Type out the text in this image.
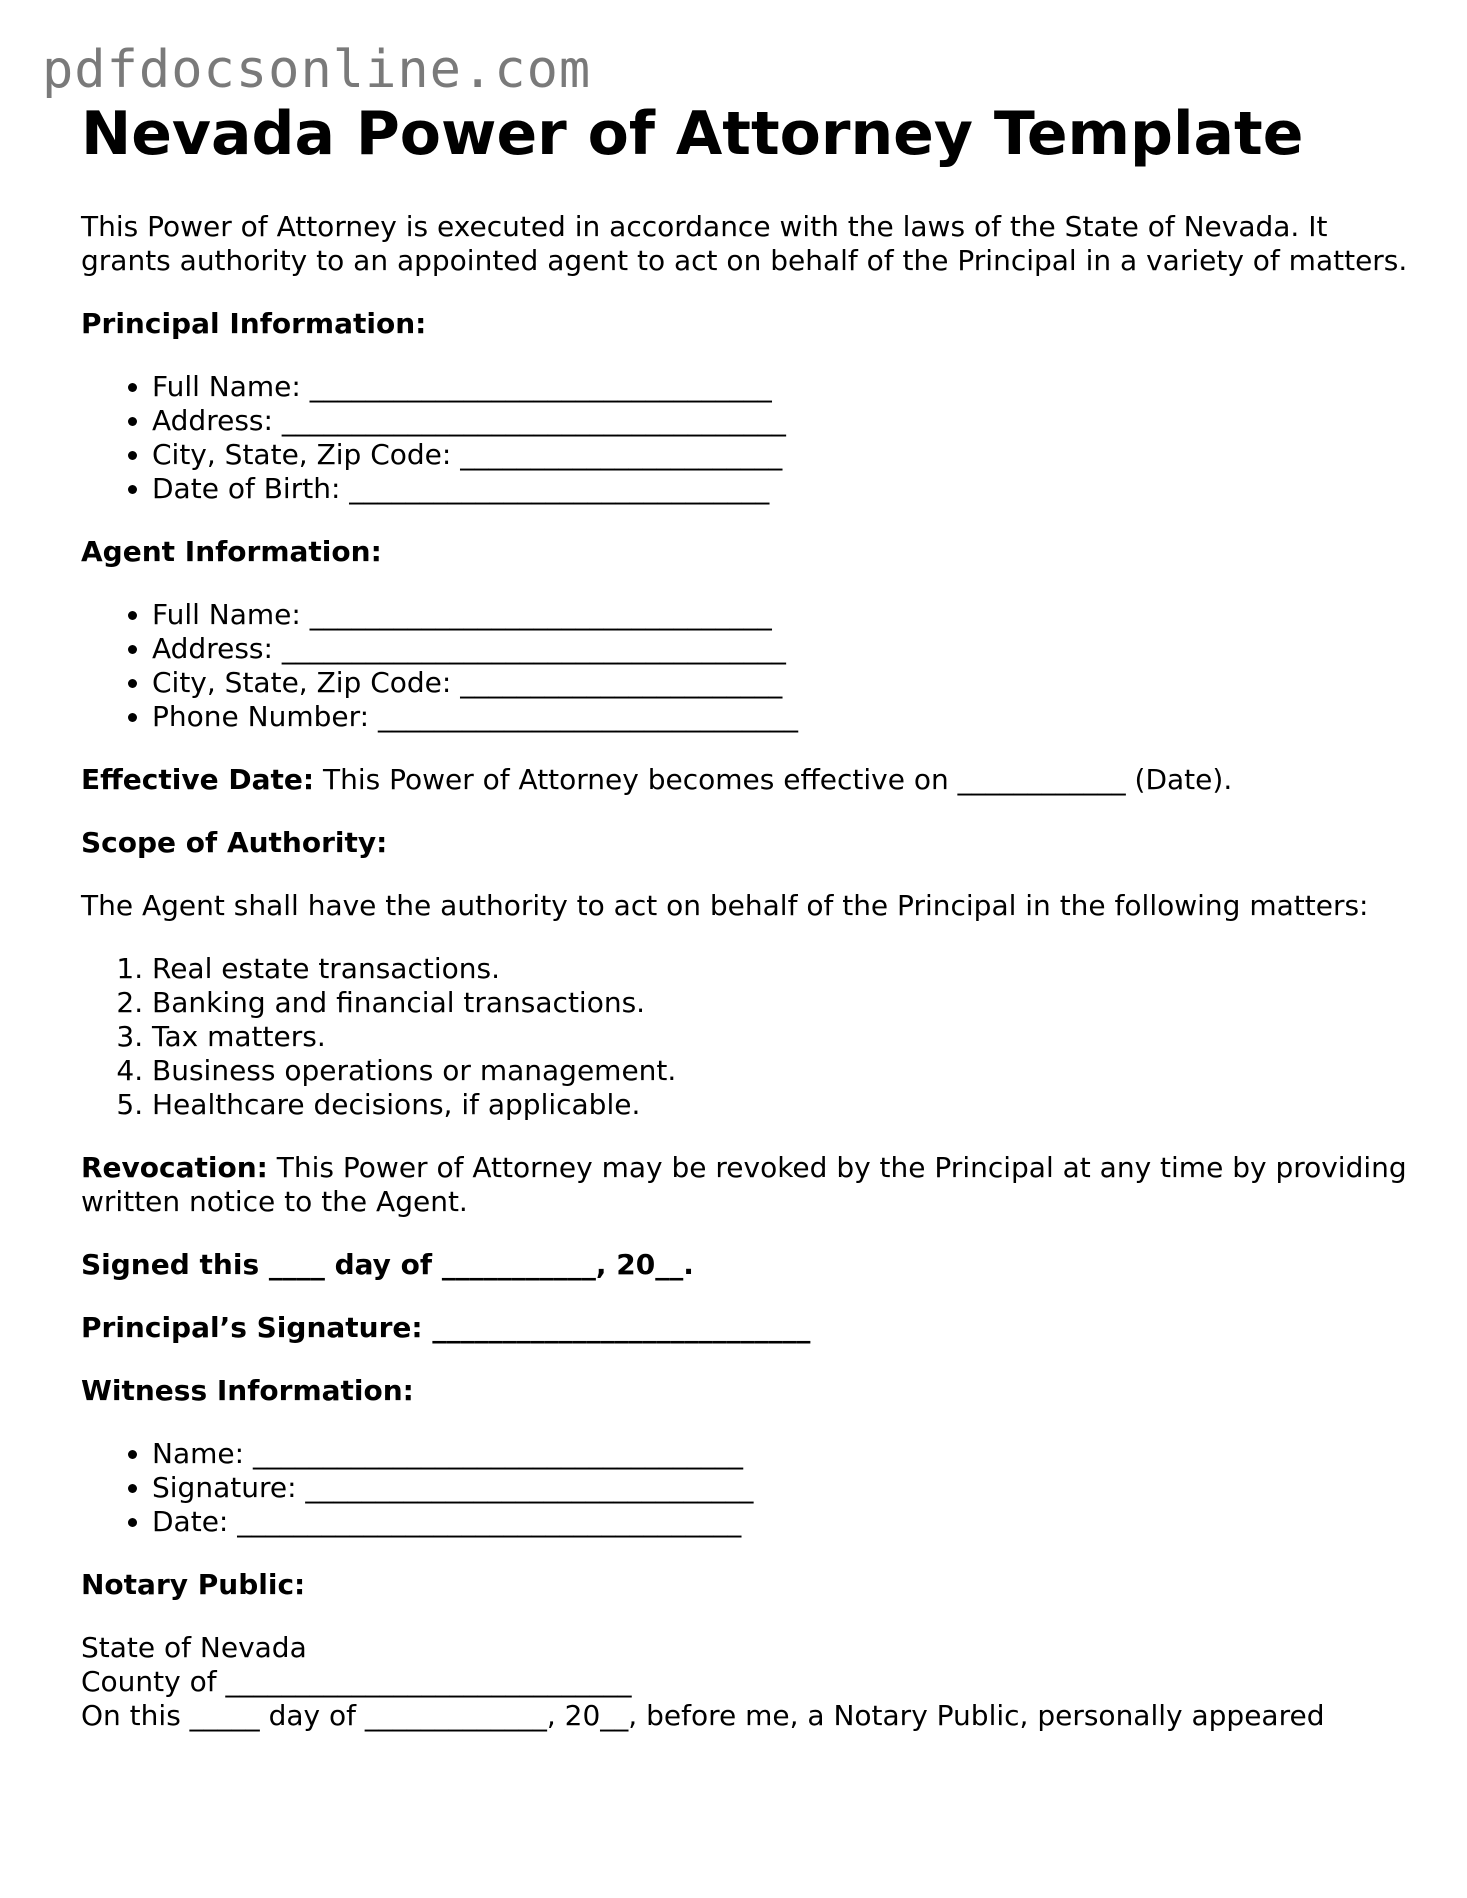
pdfdocsonline.com
Nevada Power of Attorney Template

This Power of Attorney is executed in accordance with the laws of the State of Nevada. It grants authority to an appointed agent to act on behalf of the Principal in a variety of matters.

Principal Information:

• Full Name: _________________________________
• Address: ____________________________________
• City, State, Zip Code: _______________________
• Date of Birth: ______________________________

Agent Information:

• Full Name: _________________________________
• Address: ____________________________________
• City, State, Zip Code: _______________________
• Phone Number: ______________________________

Effective Date: This Power of Attorney becomes effective on ____________ (Date).

Scope of Authority:

The Agent shall have the authority to act on behalf of the Principal in the following matters:

1. Real estate transactions.
2. Banking and financial transactions.
3. Tax matters.
4. Business operations or management.
5. Healthcare decisions, if applicable.

Revocation: This Power of Attorney may be revoked by the Principal at any time by providing written notice to the Agent.

Signed this ____ day of ___________, 20__.

Principal’s Signature: ___________________________

Witness Information:

• Name: ___________________________________
• Signature: ________________________________
• Date: ____________________________________

Notary Public:

State of Nevada
County of _____________________________
On this _____ day of _____________, 20__, before me, a Notary Public, personally appeared
